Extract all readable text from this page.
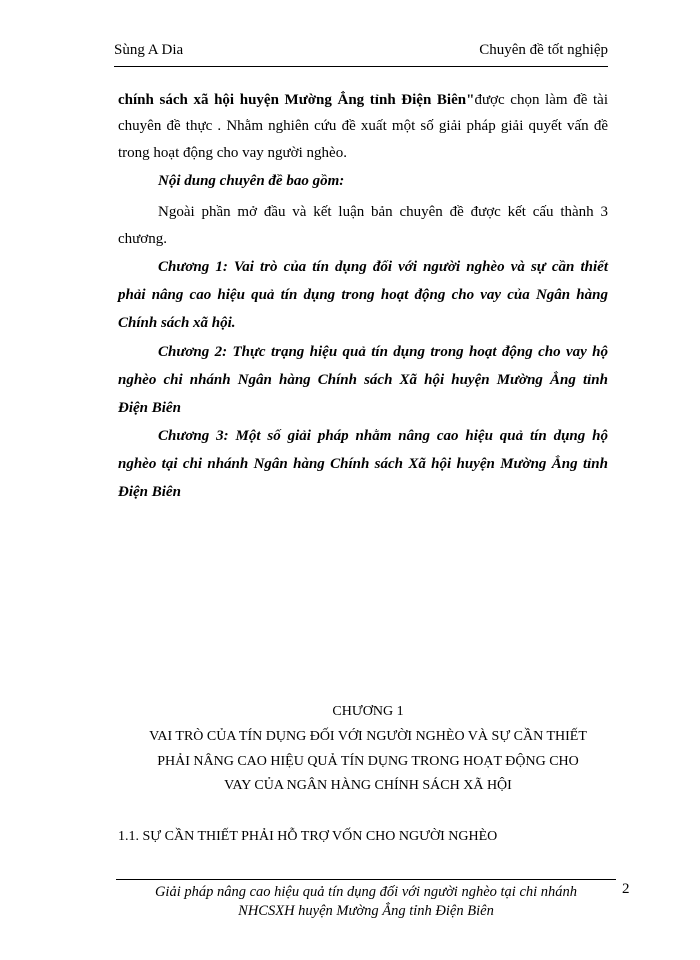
Sùng A Dia	Chuyên đề tốt nghiệp
chính sách xã hội huyện Mường Ẳng tỉnh Điện Biên"được chọn làm đề tài
chuyên đề thực . Nhằm nghiên cứu đề xuất một số giải pháp giải quyết vấn đề
trong hoạt động cho vay người nghèo.
Nội dung chuyên đề bao gồm:
Ngoài phần mở đầu và kết luận bản chuyên đề được kết cấu thành 3
chương.
Chương 1: Vai trò của tín dụng đối với người nghèo và sự cần thiết
phải nâng cao hiệu quả tín dụng trong hoạt động cho vay của Ngân hàng
Chính sách xã hội.
Chương 2: Thực trạng hiệu quả tín dụng trong hoạt động cho vay hộ
nghèo chi nhánh Ngân hàng Chính sách Xã hội huyện Mường Ẳng tỉnh
Điện Biên
Chương 3: Một số giải pháp nhằm nâng cao hiệu quả tín dụng hộ
nghèo tại chi nhánh Ngân hàng Chính sách Xã hội huyện Mường Ẳng tỉnh
Điện Biên
CHƯƠNG 1
VAI TRÒ CỦA TÍN DỤNG ĐỐI VỚI NGƯỜI NGHÈO VÀ SỰ CẦN THIẾT
PHẢI NÂNG CAO HIỆU QUẢ TÍN DỤNG TRONG HOẠT ĐỘNG CHO
VAY CỦA NGÂN HÀNG CHÍNH SÁCH XÃ HỘI
1.1. SỰ CẦN THIẾT PHẢI HỖ TRỢ VỐN CHO NGƯỜI NGHÈO
Giải pháp nâng cao hiệu quả tín dụng đối với người nghèo tại chi nhánh
NHCSXH huyện Mường Ẳng tỉnh Điện Biên
2
